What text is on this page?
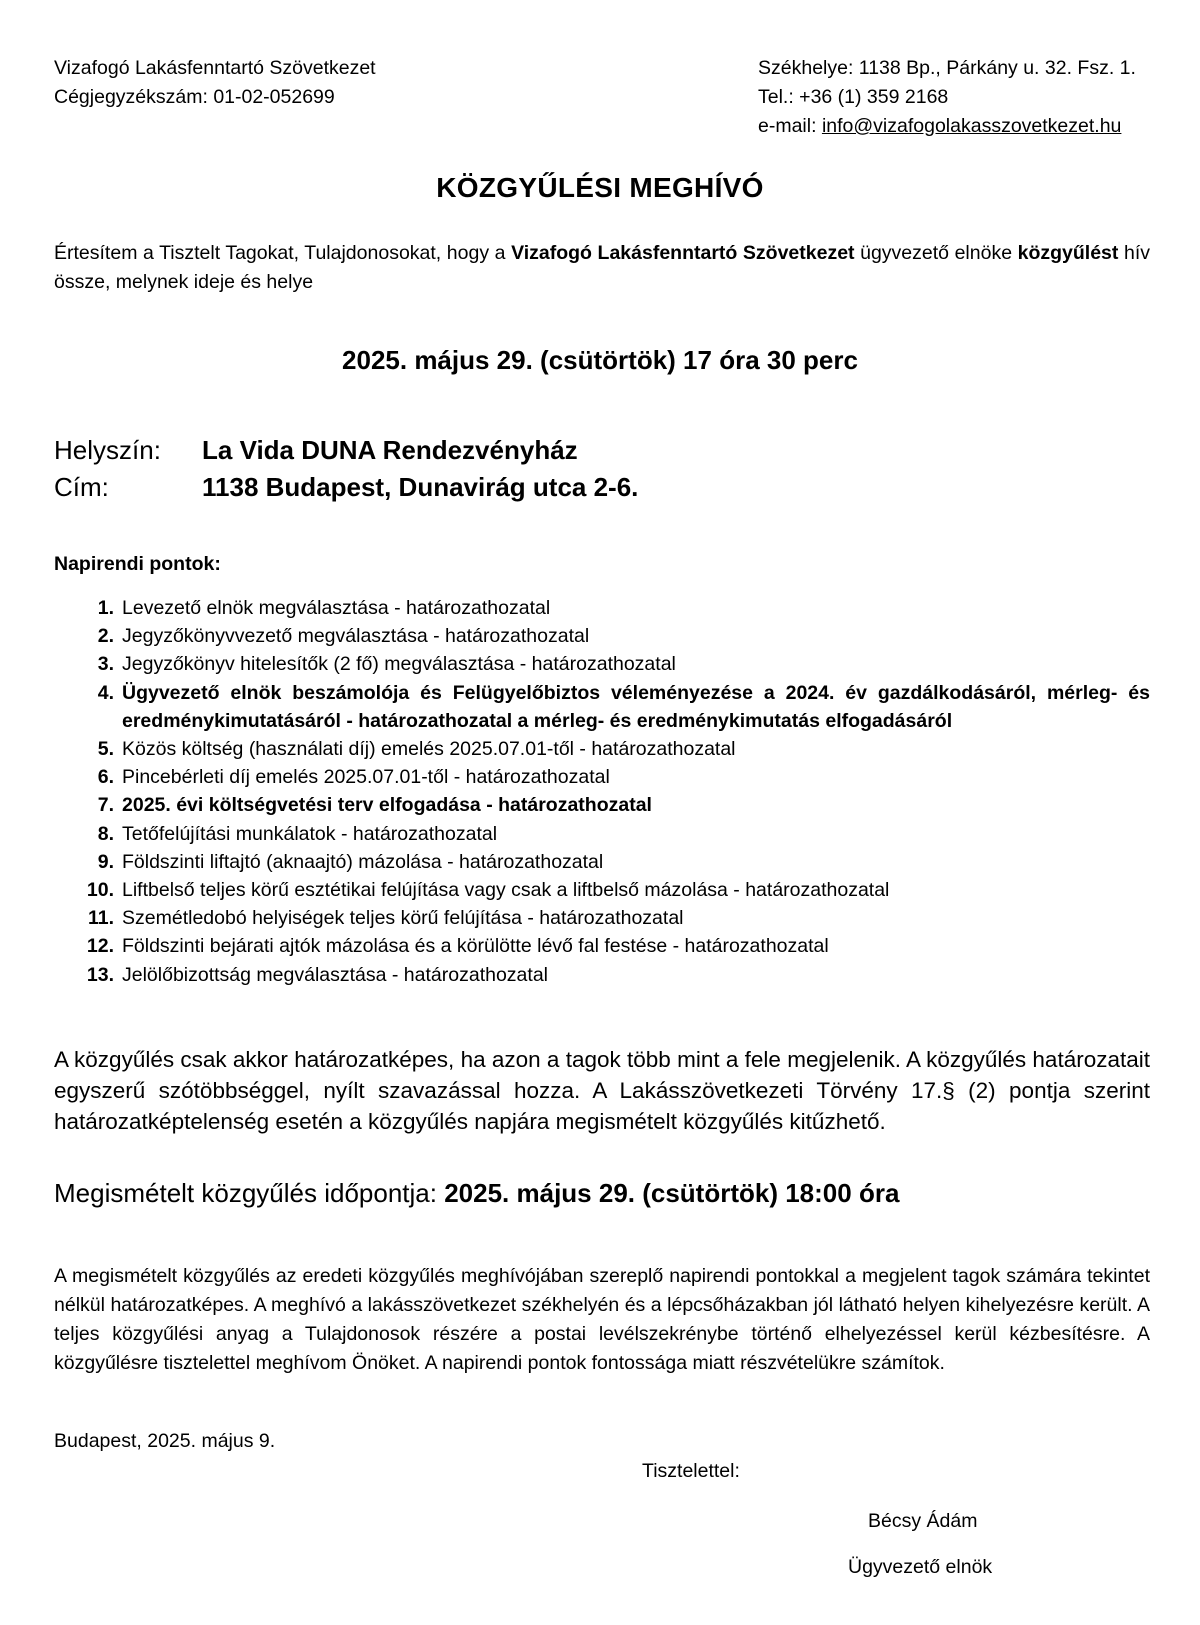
Vizafogó Lakásfenntartó Szövetkezet
Cégjegyzékszám: 01-02-052699
Székhelye: 1138 Bp., Párkány u. 32. Fsz. 1.
Tel.: +36 (1) 359 2168
e-mail: info@vizafogolakasszovetkezet.hu
KÖZGYŰLÉSI MEGHÍVÓ
Értesítem a Tisztelt Tagokat, Tulajdonosokat, hogy a Vizafogó Lakásfenntartó Szövetkezet ügyvezető elnöke közgyűlést hív össze, melynek ideje és helye
2025. május 29. (csütörtök) 17 óra 30 perc
Helyszín:	La Vida DUNA Rendezvényház
Cím:	1138 Budapest, Dunavirág utca 2-6.
Napirendi pontok:
1. Levezető elnök megválasztása - határozathozatal
2. Jegyzőkönyvvezető megválasztása - határozathozatal
3. Jegyzőkönyv hitelesítők (2 fő) megválasztása - határozathozatal
4. Ügyvezető elnök beszámolója és Felügyelőbiztos véleményezése a 2024. év gazdálkodásáról, mérleg- és eredménykimutatásáról - határozathozatal a mérleg- és eredménykimutatás elfogadásáról
5. Közös költség (használati díj) emelés 2025.07.01-től - határozathozatal
6. Pincebérleti díj emelés 2025.07.01-től - határozathozatal
7. 2025. évi költségvetési terv elfogadása - határozathozatal
8. Tetőfelújítási munkálatok - határozathozatal
9. Földszinti liftajtó (aknaajtó) mázolása - határozathozatal
10. Liftbelső teljes körű esztétikai felújítása vagy csak a liftbelső mázolása - határozathozatal
11. Szemétledobó helyiségek teljes körű felújítása - határozathozatal
12. Földszinti bejárati ajtók mázolása és a körülötte lévő fal festése - határozathozatal
13. Jelölőbizottság megválasztása - határozathozatal
A közgyűlés csak akkor határozatképes, ha azon a tagok több mint a fele megjelenik. A közgyűlés határozatait egyszerű szótöbbséggel, nyílt szavazással hozza. A Lakásszövetkezeti Törvény 17.§ (2) pontja szerint határozatképtelenség esetén a közgyűlés napjára megismételt közgyűlés kitűzhető.
Megismételt közgyűlés időpontja: 2025. május 29. (csütörtök) 18:00 óra
A megismételt közgyűlés az eredeti közgyűlés meghívójában szereplő napirendi pontokkal a megjelent tagok számára tekintet nélkül határozatképes. A meghívó a lakásszövetkezet székhelyén és a lépcsőházakban jól látható helyen kihelyezésre került. A teljes közgyűlési anyag a Tulajdonosok részére a postai levélszekrénybe történő elhelyezéssel kerül kézbesítésre. A közgyűlésre tisztelettel meghívom Önöket. A napirendi pontok fontossága miatt részvételükre számítok.
Budapest, 2025. május 9.
Tisztelettel:
Bécsy Ádám
Ügyvezető elnök
